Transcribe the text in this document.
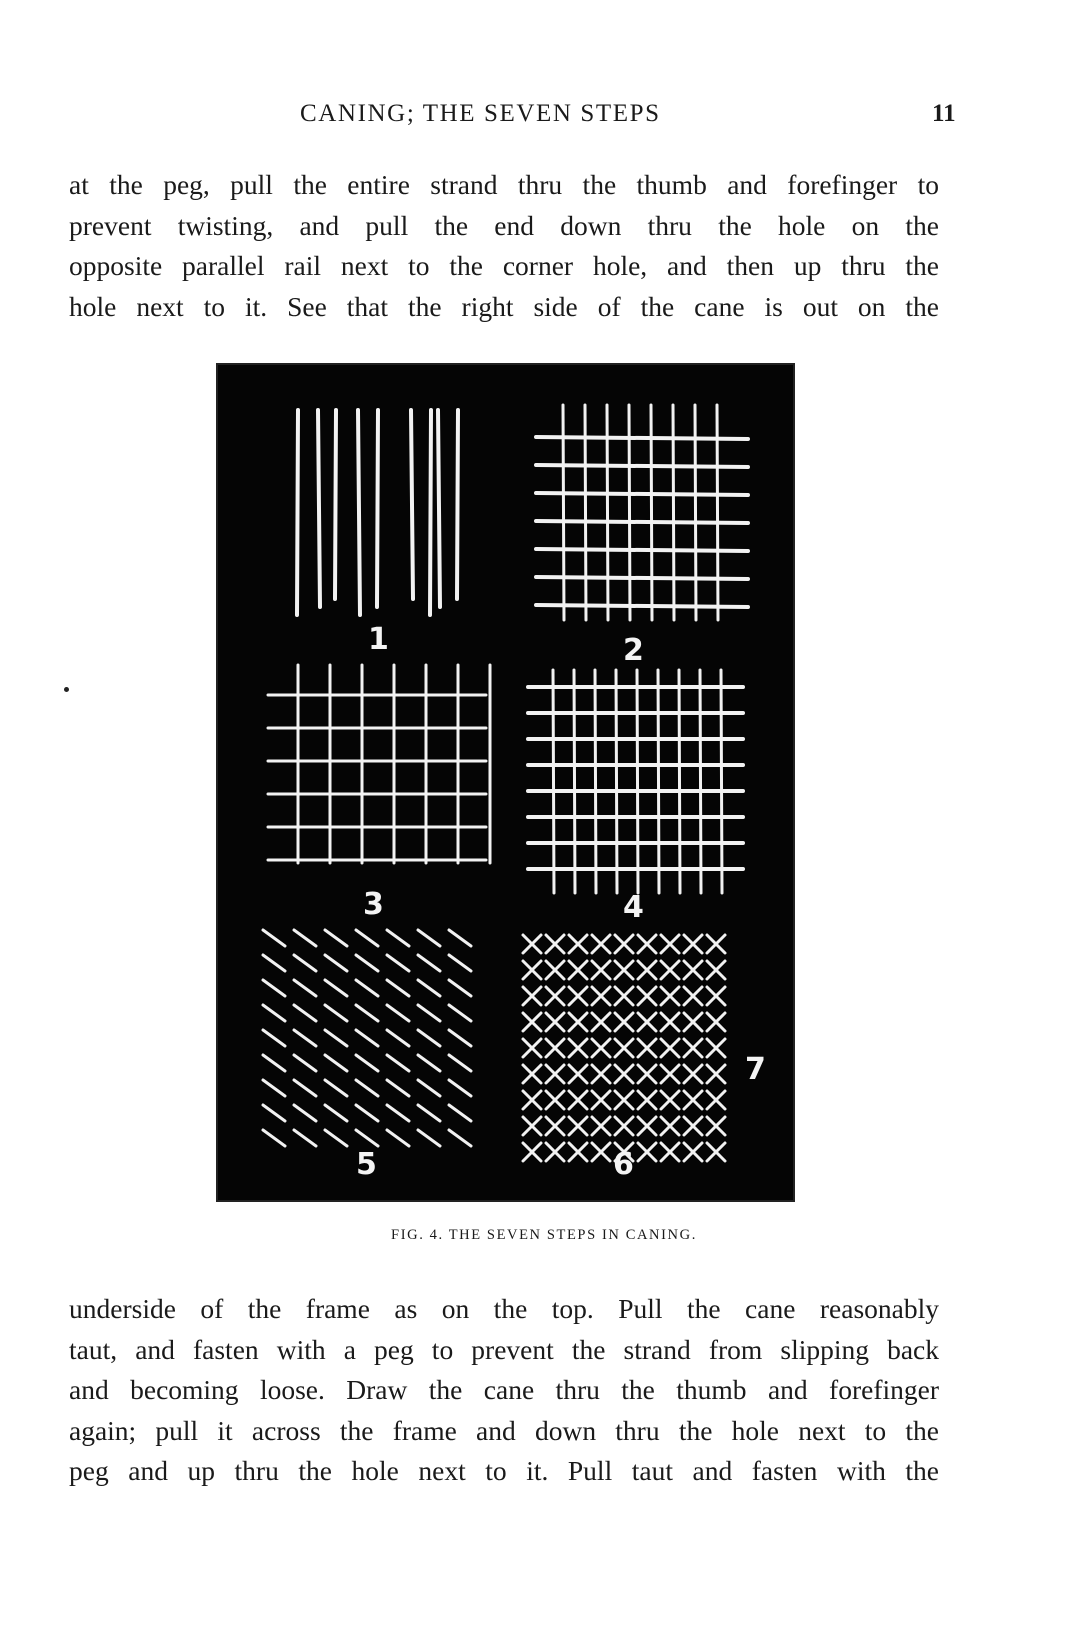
CANING; THE SEVEN STEPS	11
at the peg, pull the entire strand thru the thumb and forefinger to
prevent twisting, and pull the end down thru the hole on the
opposite parallel rail next to the corner hole, and then up thru the
hole next to it. See that the right side of the cane is out on the
1	2
3	4
5	6
7
FIG. 4. THE SEVEN STEPS IN CANING.
underside of the frame as on the top. Pull the cane reasonably
taut, and fasten with a peg to prevent the strand from slipping back
and becoming loose. Draw the cane thru the thumb and forefinger
again; pull it across the frame and down thru the hole next to the
peg and up thru the hole next to it. Pull taut and fasten with the
